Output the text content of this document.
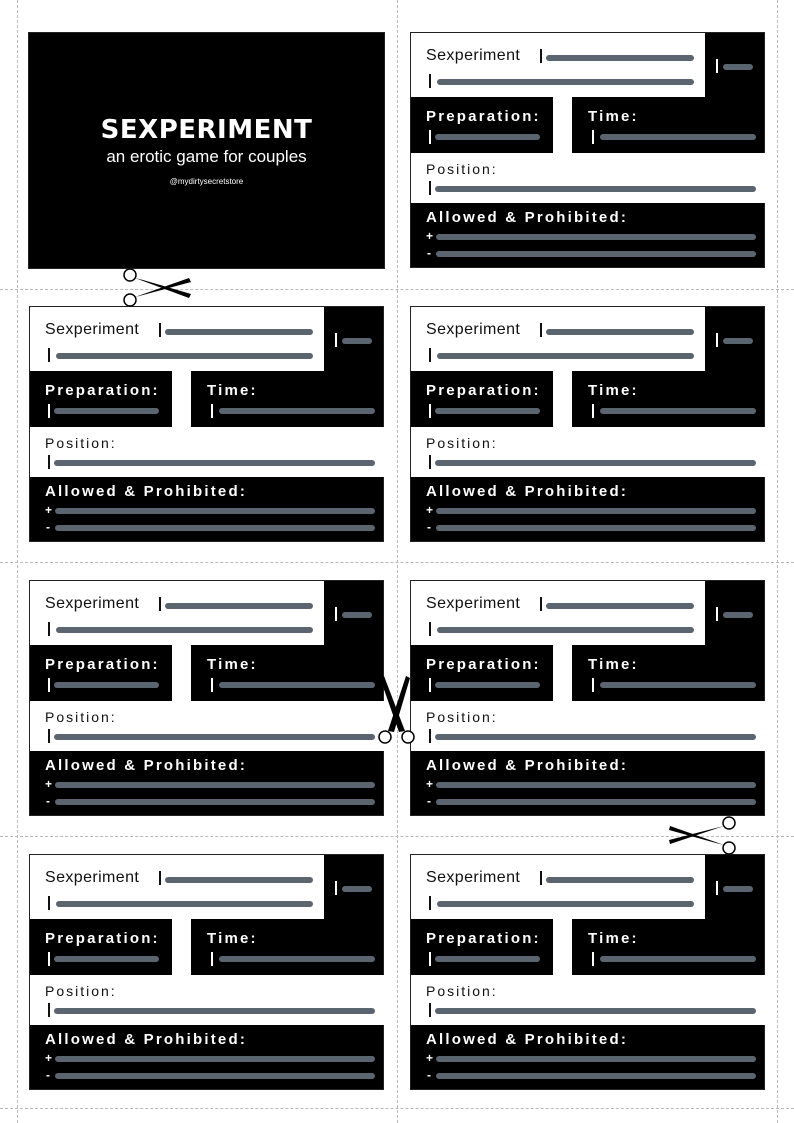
SEXPERIMENT
an erotic game for couples
@mydirtysecretstore
Sexperiment
Preparation:	Time:
Position:
Allowed & Prohibited:
+
-
Sexperiment
Preparation:	Time:
Position:
Allowed & Prohibited:
+
-
Sexperiment
Preparation:	Time:
Position:
Allowed & Prohibited:
+
-
Sexperiment
Preparation:	Time:
Position:
Allowed & Prohibited:
+
-
Sexperiment
Preparation:	Time:
Position:
Allowed & Prohibited:
+
-
Sexperiment
Preparation:	Time:
Position:
Allowed & Prohibited:
+
-
Sexperiment
Preparation:	Time:
Position:
Allowed & Prohibited:
+
-
